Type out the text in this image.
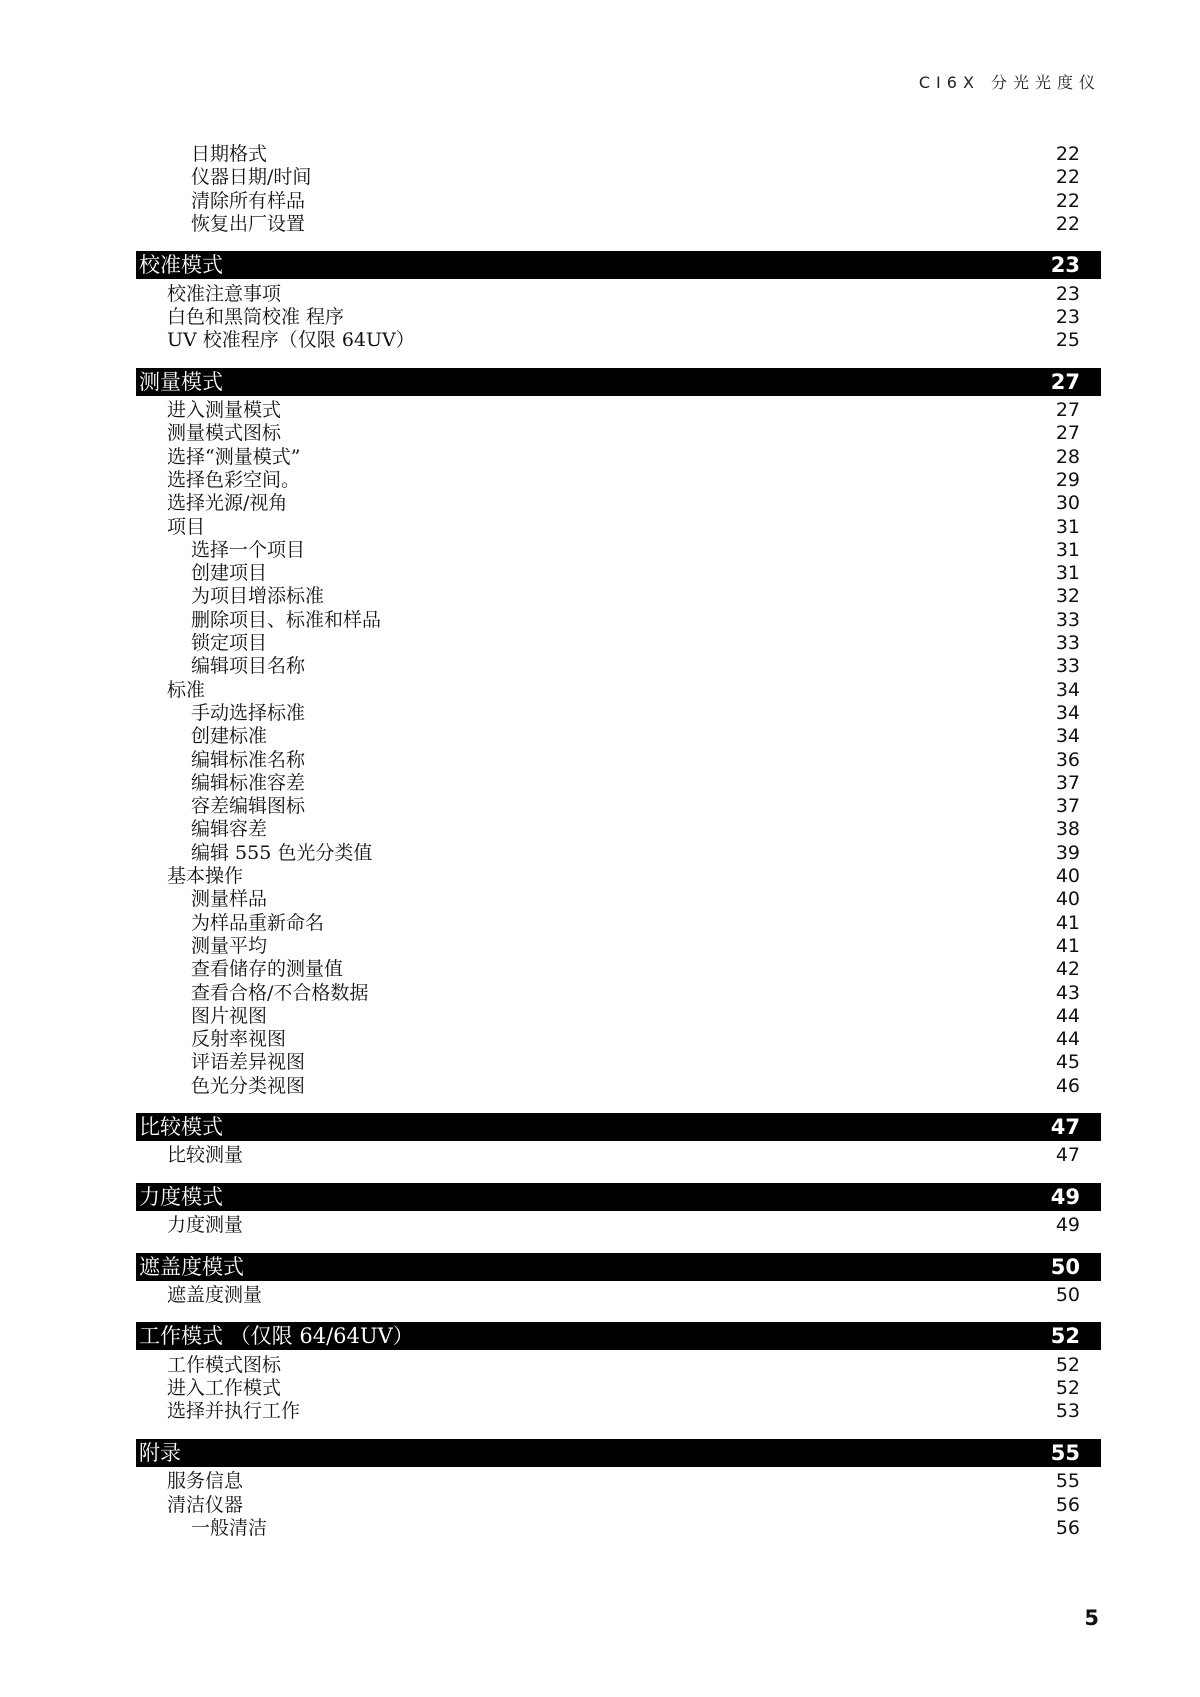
CI6X 分光光度仪
日期格式	22
仪器日期/时间	22
清除所有样品	22
恢复出厂设置	22
校准模式	23
校准注意事项	23
白色和黑筒校准 程序	23
UV 校准程序（仅限 64UV）	25
测量模式	27
进入测量模式	27
测量模式图标	27
选择“测量模式”	28
选择色彩空间。	29
选择光源/视角	30
项目	31
选择一个项目	31
创建项目	31
为项目增添标准	32
删除项目、标准和样品	33
锁定项目	33
编辑项目名称	33
标准	34
手动选择标准	34
创建标准	34
编辑标准名称	36
编辑标准容差	37
容差编辑图标	37
编辑容差	38
编辑 555 色光分类值	39
基本操作	40
测量样品	40
为样品重新命名	41
测量平均	41
查看储存的测量值	42
查看合格/不合格数据	43
图片视图	44
反射率视图	44
评语差异视图	45
色光分类视图	46
比较模式	47
比较测量	47
力度模式	49
力度测量	49
遮盖度模式	50
遮盖度测量	50
工作模式 （仅限 64/64UV）	52
工作模式图标	52
进入工作模式	52
选择并执行工作	53
附录	55
服务信息	55
清洁仪器	56
一般清洁	56
5
